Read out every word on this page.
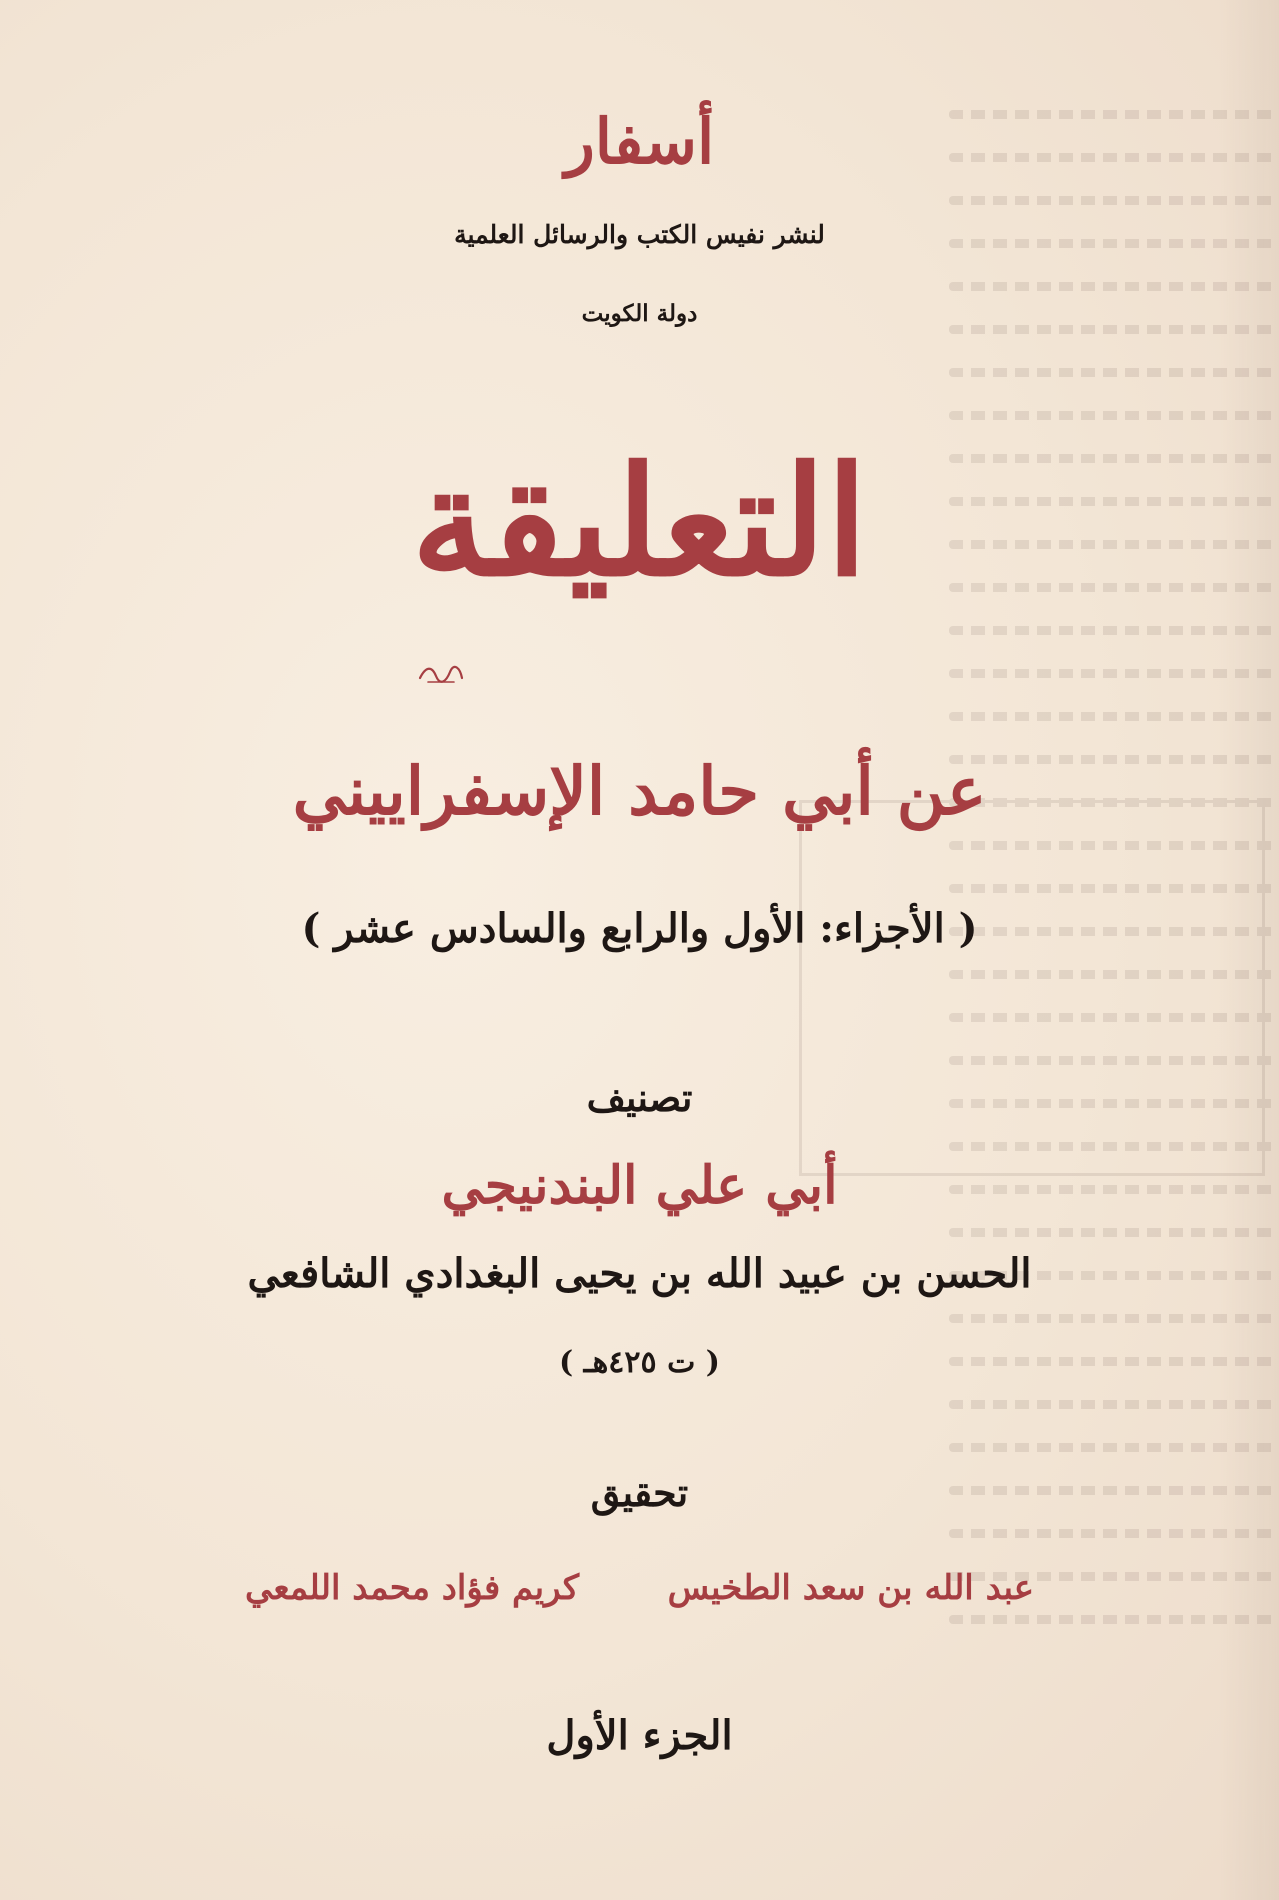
أسفار
لنشر نفيس الكتب والرسائل العلمية
دولة الكويت
التعليقة
عن أبي حامد الإسفراييني
( الأجزاء: الأول والرابع والسادس عشر )
تصنيف
أبي علي البندنيجي
الحسن بن عبيد الله بن يحيى البغدادي الشافعي
( ت ٤٢٥هـ )
تحقيق
عبد الله بن سعد الطخيس
كريم فؤاد محمد اللمعي
الجزء الأول
